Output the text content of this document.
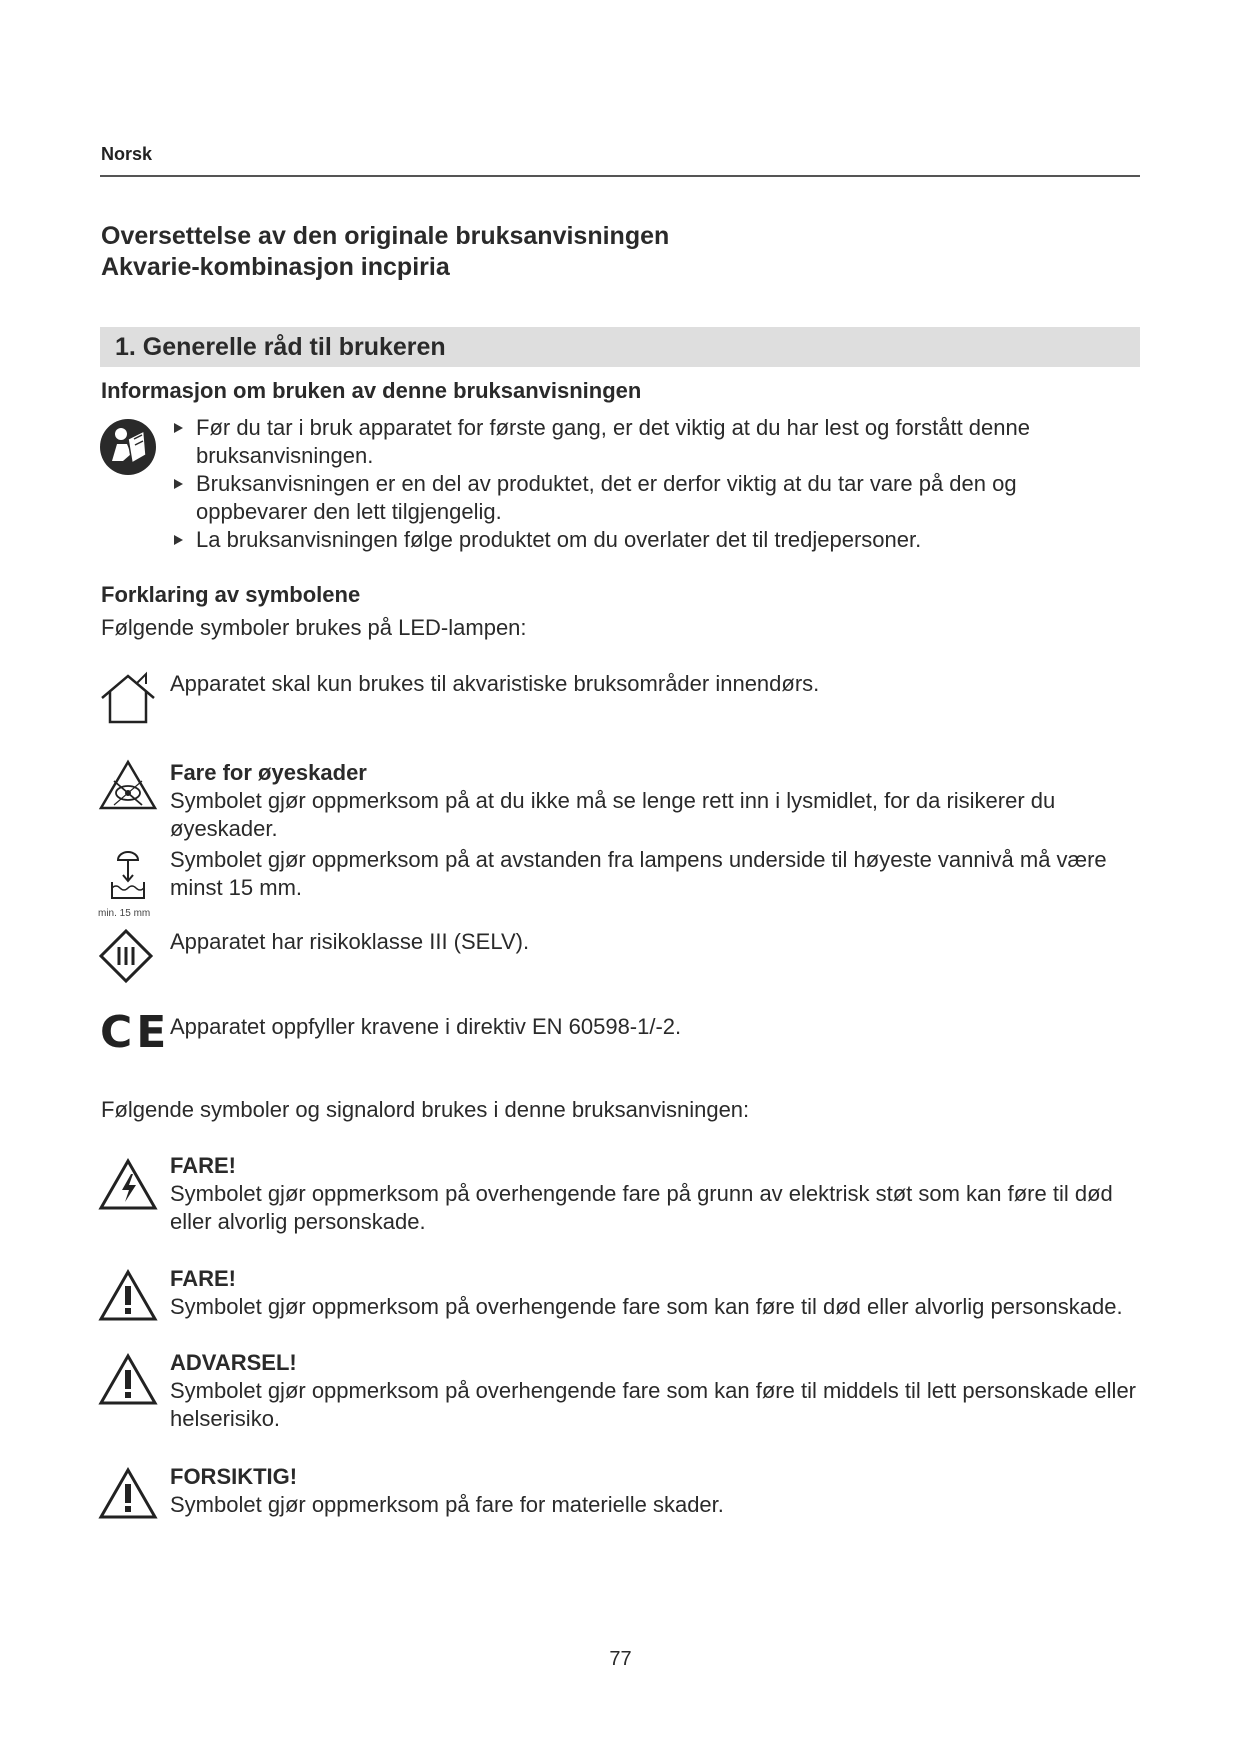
Norsk
Oversettelse av den originale bruksanvisningen
Akvarie-kombinasjon incpiria
1. Generelle råd til brukeren
Informasjon om bruken av denne bruksanvisningen
Før du tar i bruk apparatet for første gang, er det viktig at du har lest og forstått denne bruksanvisningen.
Bruksanvisningen er en del av produktet, det er derfor viktig at du tar vare på den og oppbevarer den lett tilgjengelig.
La bruksanvisningen følge produktet om du overlater det til tredjepersoner.
Forklaring av symbolene
Følgende symboler brukes på LED-lampen:
Apparatet skal kun brukes til akvaristiske bruksområder innendørs.
Fare for øyeskader
Symbolet gjør oppmerksom på at du ikke må se lenge rett inn i lysmidlet, for da risikerer du øyeskader.
min. 15 mm
Symbolet gjør oppmerksom på at avstanden fra lampens underside til høyeste vannivå må være minst 15 mm.
Apparatet har risikoklasse III (SELV).
CE Apparatet oppfyller kravene i direktiv EN 60598-1/-2.
Følgende symboler og signalord brukes i denne bruksanvisningen:
FARE!
Symbolet gjør oppmerksom på overhengende fare på grunn av elektrisk støt som kan føre til død eller alvorlig personskade.
FARE!
Symbolet gjør oppmerksom på overhengende fare som kan føre til død eller alvorlig personskade.
ADVARSEL!
Symbolet gjør oppmerksom på overhengende fare som kan føre til middels til lett personskade eller helserisiko.
FORSIKTIG!
Symbolet gjør oppmerksom på fare for materielle skader.
77
